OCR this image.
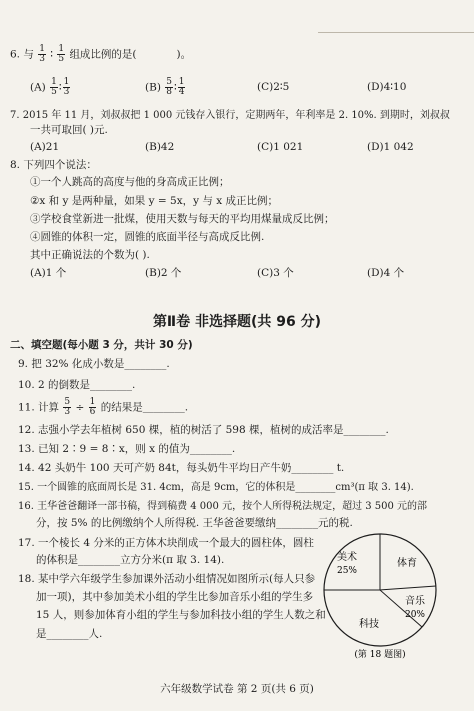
6. 与 $\frac{1}{3}$ ∶ $\frac{1}{5}$ 组成比例的是(	)。
$(A) \frac{1}{5}$ ∶ $\frac{1}{3}$	$(B) \frac{5}{8}$ ∶ $\frac{1}{4}$	(C)2∶5	(D)4∶10
7. 2015 年 11 月，刘叔叔把 1 000 元钱存入银行，定期两年，年利率是 2. 10%. 到期时，刘叔叔
一共可取回( )元.
(A)21	(B)42	(C)1 021	(D)1 042
8. 下列四个说法：
①一个人跳高的高度与他的身高成正比例；
②x 和 y 是两种量，如果 y = 5x，y 与 x 成正比例；
③学校食堂新进一批煤，使用天数与每天的平均用煤量成反比例；
④圆锥的体积一定，圆锥的底面半径与高成反比例.
其中正确说法的个数为( ).
(A)1 个	(B)2 个	(C)3 个	(D)4 个
第Ⅱ卷 非选择题(共 96 分)
二、填空题(每小题 3 分，共计 30 分)
9. 把 32% 化成小数是________.
10. 2 的倒数是________.
11. 计算 $\frac{5}{3} \div \frac{1}{6}$ 的结果是________.
12. 志强小学去年植树 650 棵，植的树活了 598 棵，植树的成活率是________.
13. 已知 2∶9 = 8∶x，则 x 的值为________.
14. 42 头奶牛 100 天可产奶 84t，每头奶牛平均日产牛奶________ t.
15. 一个圆锥的底面周长是 31. 4cm，高是 9cm，它的体积是________cm³(π 取 3. 14).
16. 王华爸爸翻译一部书稿，得到稿费 4 000 元，按个人所得税法规定，超过 3 500 元的部
分，按 5% 的比例缴纳个人所得税. 王华爸爸要缴纳________元的税.
17. 一个棱长 4 分米的正方体木块削成一个最大的圆柱体，圆柱
的体积是________立方分米(π 取 3. 14).
18. 某中学六年级学生参加课外活动小组情况如图所示(每人只参
加一项)，其中参加美术小组的学生比参加音乐小组的学生多
15 人，则参加体育小组的学生与参加科技小组的学生人数之和
是________人.
美术
25%
体育
音乐
20%
科技
(第 18 题图)
六年级数学试卷 第 2 页(共 6 页)
